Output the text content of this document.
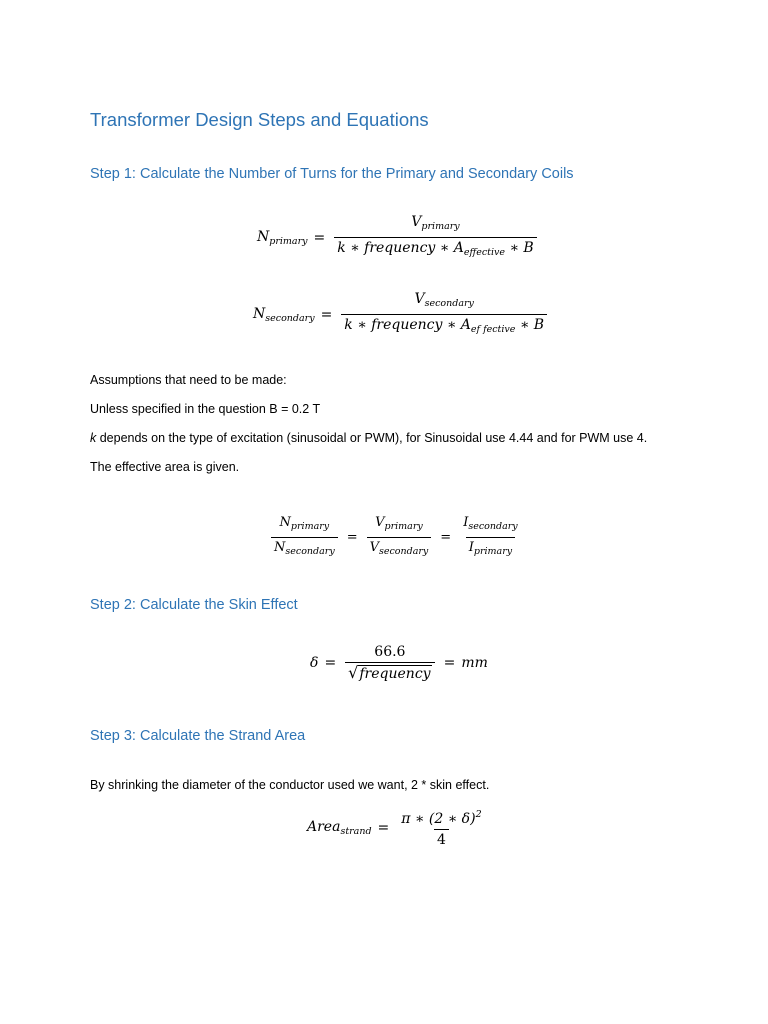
Transformer Design Steps and Equations
Step 1: Calculate the Number of Turns for the Primary and Secondary Coils
$N_{primary} = \frac{V_{primary}}{k ∗ frequency ∗ A_{effective} ∗ B}$
$N_{secondary} = \frac{V_{secondary}}{k ∗ frequency ∗ A_{ef fective} ∗ B}$

Assumptions that need to be made:

Unless specified in the question B = 0.2 T

k depends on the type of excitation (sinusoidal or PWM), for Sinusoidal use 4.44 and for PWM use 4.

The effective area is given.

$\frac{N_{primary}}{N_{secondary}} = \frac{V_{primary}}{V_{secondary}} = \frac{I_{secondary}}{I_{primary}}$
Step 2: Calculate the Skin Effect
$\delta = \frac{66.6}{\text{√ frequency}}$ = mm
Step 3: Calculate the Strand Area

By shrinking the diameter of the conductor used we want, 2 * skin effect.

Area$_{strand}$ = $\frac{\pi ∗ (2 ∗ \delta)^2}{4}$
